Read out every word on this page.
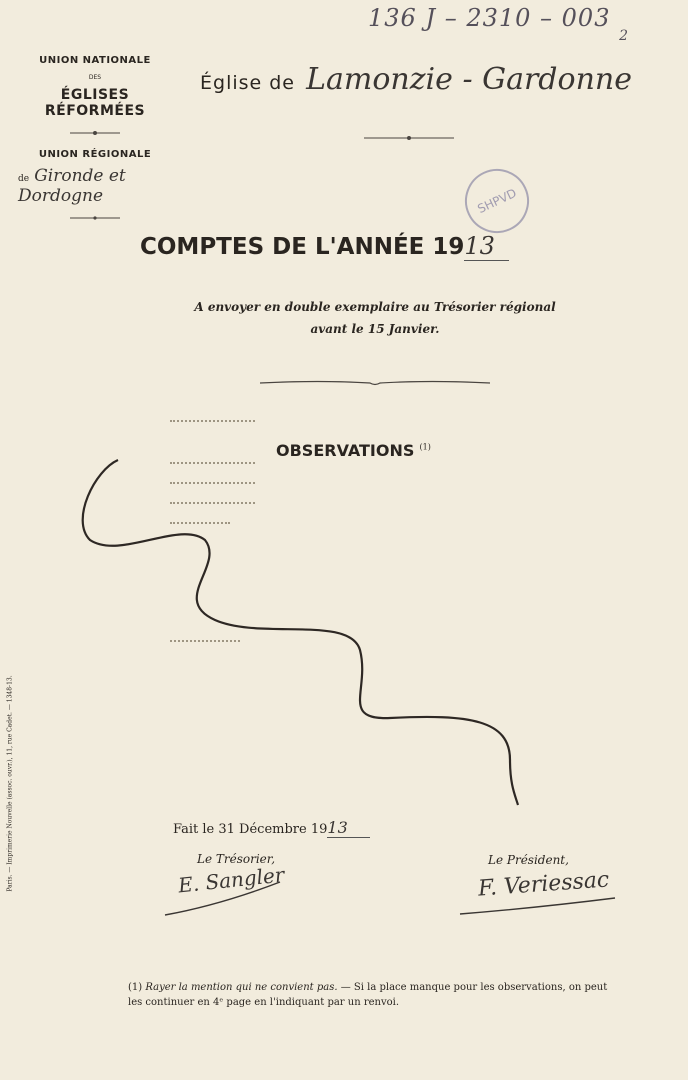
136 J – 2310 – 003 $_2$
UNION NATIONALE
DES
ÉGLISES RÉFORMÉES
UNION RÉGIONALE
de Gironde et Dordogne
Église de Lamonzie - Gardonne
SHPVD
COMPTES DE L'ANNÉE 1913
A envoyer en double exemplaire au Trésorier régional
avant le 15 Janvier.
OBSERVATIONS $^{(1)}$
Fait le 31 Décembre 1913
Le Trésorier,
E. Sangler
Le Président,
F. Veriessac
(1) Rayer la mention qui ne convient pas. — Si la place manque pour les observations, on peut les continuer en 4ᵉ page en l'indiquant par un renvoi.
Paris. — Imprimerie Nouvelle (assoc. ouvr.), 11, rue Cadet. — 1348-13.
